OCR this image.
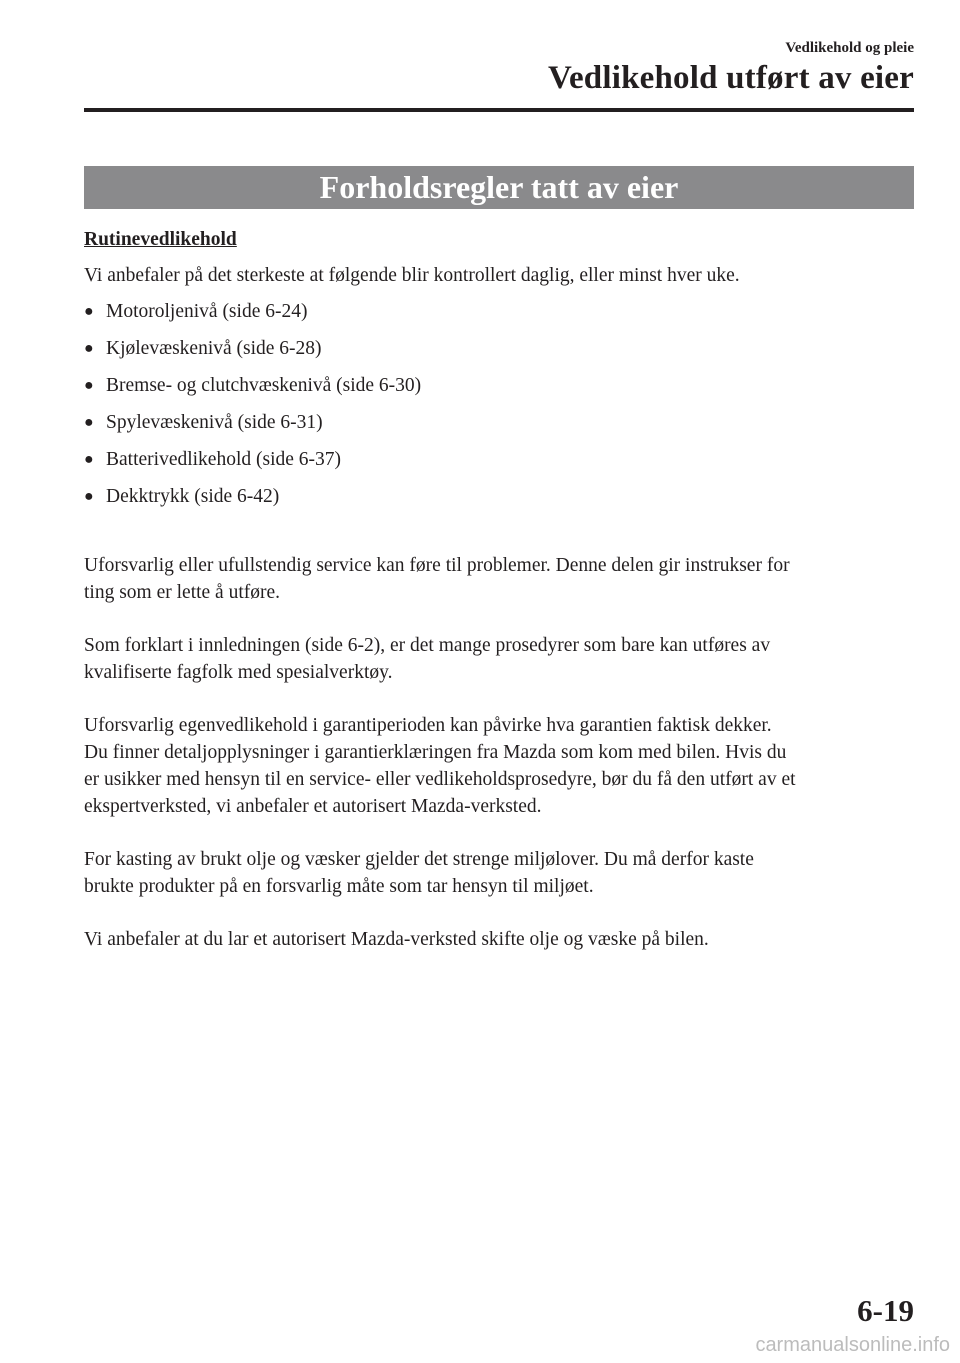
Vedlikehold og pleie
Vedlikehold utført av eier
Forholdsregler tatt av eier

Rutinevedlikehold

Vi anbefaler på det sterkeste at følgende blir kontrollert daglig, eller minst hver uke.

● Motoroljenivå (side 6-24)
● Kjølevæskenivå (side 6-28)
● Bremse- og clutchvæskenivå (side 6-30)
● Spylevæskenivå (side 6-31)
● Batterivedlikehold (side 6-37)
● Dekktrykk (side 6-42)

Uforsvarlig eller ufullstendig service kan føre til problemer. Denne delen gir instrukser for
ting som er lette å utføre.

Som forklart i innledningen (side 6-2), er det mange prosedyrer som bare kan utføres av
kvalifiserte fagfolk med spesialverktøy.

Uforsvarlig egenvedlikehold i garantiperioden kan påvirke hva garantien faktisk dekker.
Du finner detaljopplysninger i garantierklæringen fra Mazda som kom med bilen. Hvis du
er usikker med hensyn til en service- eller vedlikeholdsprosedyre, bør du få den utført av et
ekspertverksted, vi anbefaler et autorisert Mazda-verksted.

For kasting av brukt olje og væsker gjelder det strenge miljølover. Du må derfor kaste
brukte produkter på en forsvarlig måte som tar hensyn til miljøet.

Vi anbefaler at du lar et autorisert Mazda-verksted skifte olje og væske på bilen.

6-19
carmanualsonline.info
